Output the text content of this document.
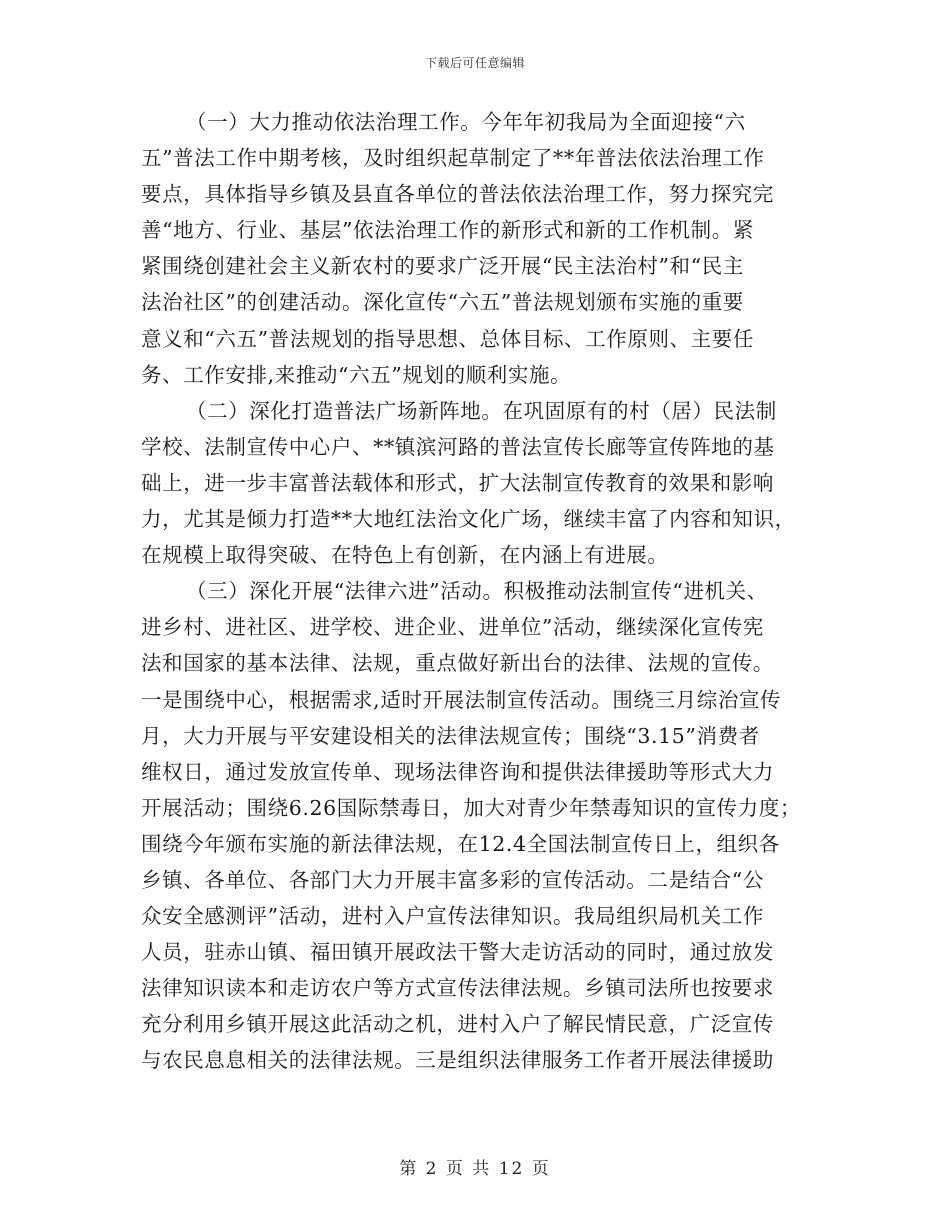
下载后可任意编辑
（一）大力推动依法治理工作。今年年初我局为全面迎接“六
五”普法工作中期考核，及时组织起草制定了**年普法依法治理工作
要点，具体指导乡镇及县直各单位的普法依法治理工作，努力探究完
善“地方、行业、基层”依法治理工作的新形式和新的工作机制。紧
紧围绕创建社会主义新农村的要求广泛开展“民主法治村”和“民主
法治社区”的创建活动。深化宣传“六五”普法规划颁布实施的重要
意义和“六五”普法规划的指导思想、总体目标、工作原则、主要任
务、工作安排,来推动“六五”规划的顺利实施。
（二）深化打造普法广场新阵地。在巩固原有的村（居）民法制
学校、法制宣传中心户、**镇滨河路的普法宣传长廊等宣传阵地的基
础上，进一步丰富普法载体和形式，扩大法制宣传教育的效果和影响
力，尤其是倾力打造**大地红法治文化广场，继续丰富了内容和知识，
在规模上取得突破、在特色上有创新，在内涵上有进展。
（三）深化开展“法律六进”活动。积极推动法制宣传“进机关、
进乡村、进社区、进学校、进企业、进单位”活动，继续深化宣传宪
法和国家的基本法律、法规，重点做好新出台的法律、法规的宣传。
一是围绕中心，根据需求,适时开展法制宣传活动。围绕三月综治宣传
月，大力开展与平安建设相关的法律法规宣传；围绕“3.15”消费者
维权日，通过发放宣传单、现场法律咨询和提供法律援助等形式大力
开展活动；围绕6.26国际禁毒日，加大对青少年禁毒知识的宣传力度；
围绕今年颁布实施的新法律法规，在12.4全国法制宣传日上，组织各
乡镇、各单位、各部门大力开展丰富多彩的宣传活动。二是结合“公
众安全感测评”活动，进村入户宣传法律知识。我局组织局机关工作
人员，驻赤山镇、福田镇开展政法干警大走访活动的同时，通过放发
法律知识读本和走访农户等方式宣传法律法规。乡镇司法所也按要求
充分利用乡镇开展这此活动之机，进村入户了解民情民意，广泛宣传
与农民息息相关的法律法规。三是组织法律服务工作者开展法律援助
第 2 页 共 12 页
